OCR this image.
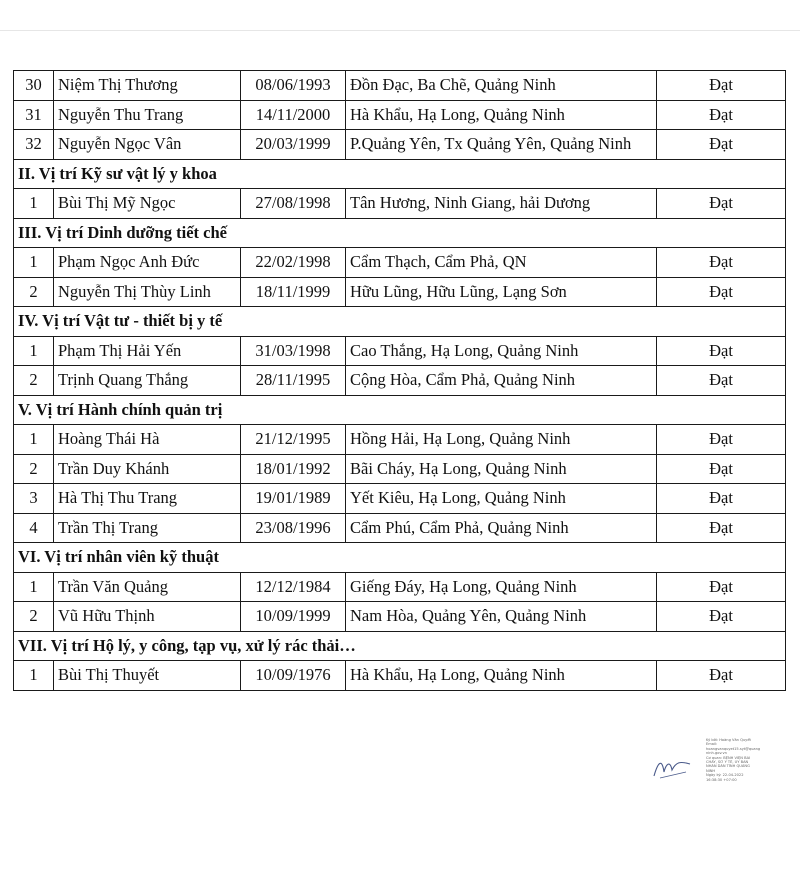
30	Niệm Thị Thương	08/06/1993	Đồn Đạc, Ba Chẽ, Quảng Ninh	Đạt
31	Nguyễn Thu Trang	14/11/2000	Hà Khẩu, Hạ Long, Quảng Ninh	Đạt
32	Nguyễn Ngọc Vân	20/03/1999	P.Quảng Yên, Tx Quảng Yên, Quảng Ninh	Đạt
II. Vị trí Kỹ sư vật lý y khoa				
1	Bùi Thị Mỹ Ngọc	27/08/1998	Tân Hương, Ninh Giang, hải Dương	Đạt
III. Vị trí Dinh dưỡng tiết chế				
1	Phạm Ngọc Anh Đức	22/02/1998	Cẩm Thạch, Cẩm Phả, QN	Đạt
2	Nguyễn Thị Thùy Linh	18/11/1999	Hữu Lũng, Hữu Lũng, Lạng Sơn	Đạt
IV. Vị trí Vật tư - thiết bị y tế				
1	Phạm Thị Hải Yến	31/03/1998	Cao Thắng, Hạ Long, Quảng Ninh	Đạt
2	Trịnh Quang Thắng	28/11/1995	Cộng Hòa, Cẩm Phả, Quảng Ninh	Đạt
V. Vị trí Hành chính quản trị				
1	Hoàng Thái Hà	21/12/1995	Hồng Hải, Hạ Long, Quảng Ninh	Đạt
2	Trần Duy Khánh	18/01/1992	Bãi Cháy, Hạ Long, Quảng Ninh	Đạt
3	Hà Thị Thu Trang	19/01/1989	Yết Kiêu, Hạ Long, Quảng Ninh	Đạt
4	Trần Thị Trang	23/08/1996	Cẩm Phú, Cẩm Phả, Quảng Ninh	Đạt
VI. Vị trí nhân viên kỹ thuật				
1	Trần Văn Quảng	12/12/1984	Giếng Đáy, Hạ Long, Quảng Ninh	Đạt
2	Vũ Hữu Thịnh	10/09/1999	Nam Hòa, Quảng Yên, Quảng Ninh	Đạt
VII. Vị trí Hộ lý, y công, tạp vụ, xử lý rác thải…				
1	Bùi Thị Thuyết	10/09/1976	Hà Khẩu, Hạ Long, Quảng Ninh	Đạt
Ký bởi: Hoàng Văn Quyết
Email:
hoangvanquyet15.syt@quang
ninh.gov.vn
Cơ quan: BỆNH VIỆN BÃI
CHÁY, SỞ Y TẾ, ỦY BAN
NHÂN DÂN TỈNH QUẢNG
NINH
Ngày ký: 22-04-2022
16:38:30 +07:00
